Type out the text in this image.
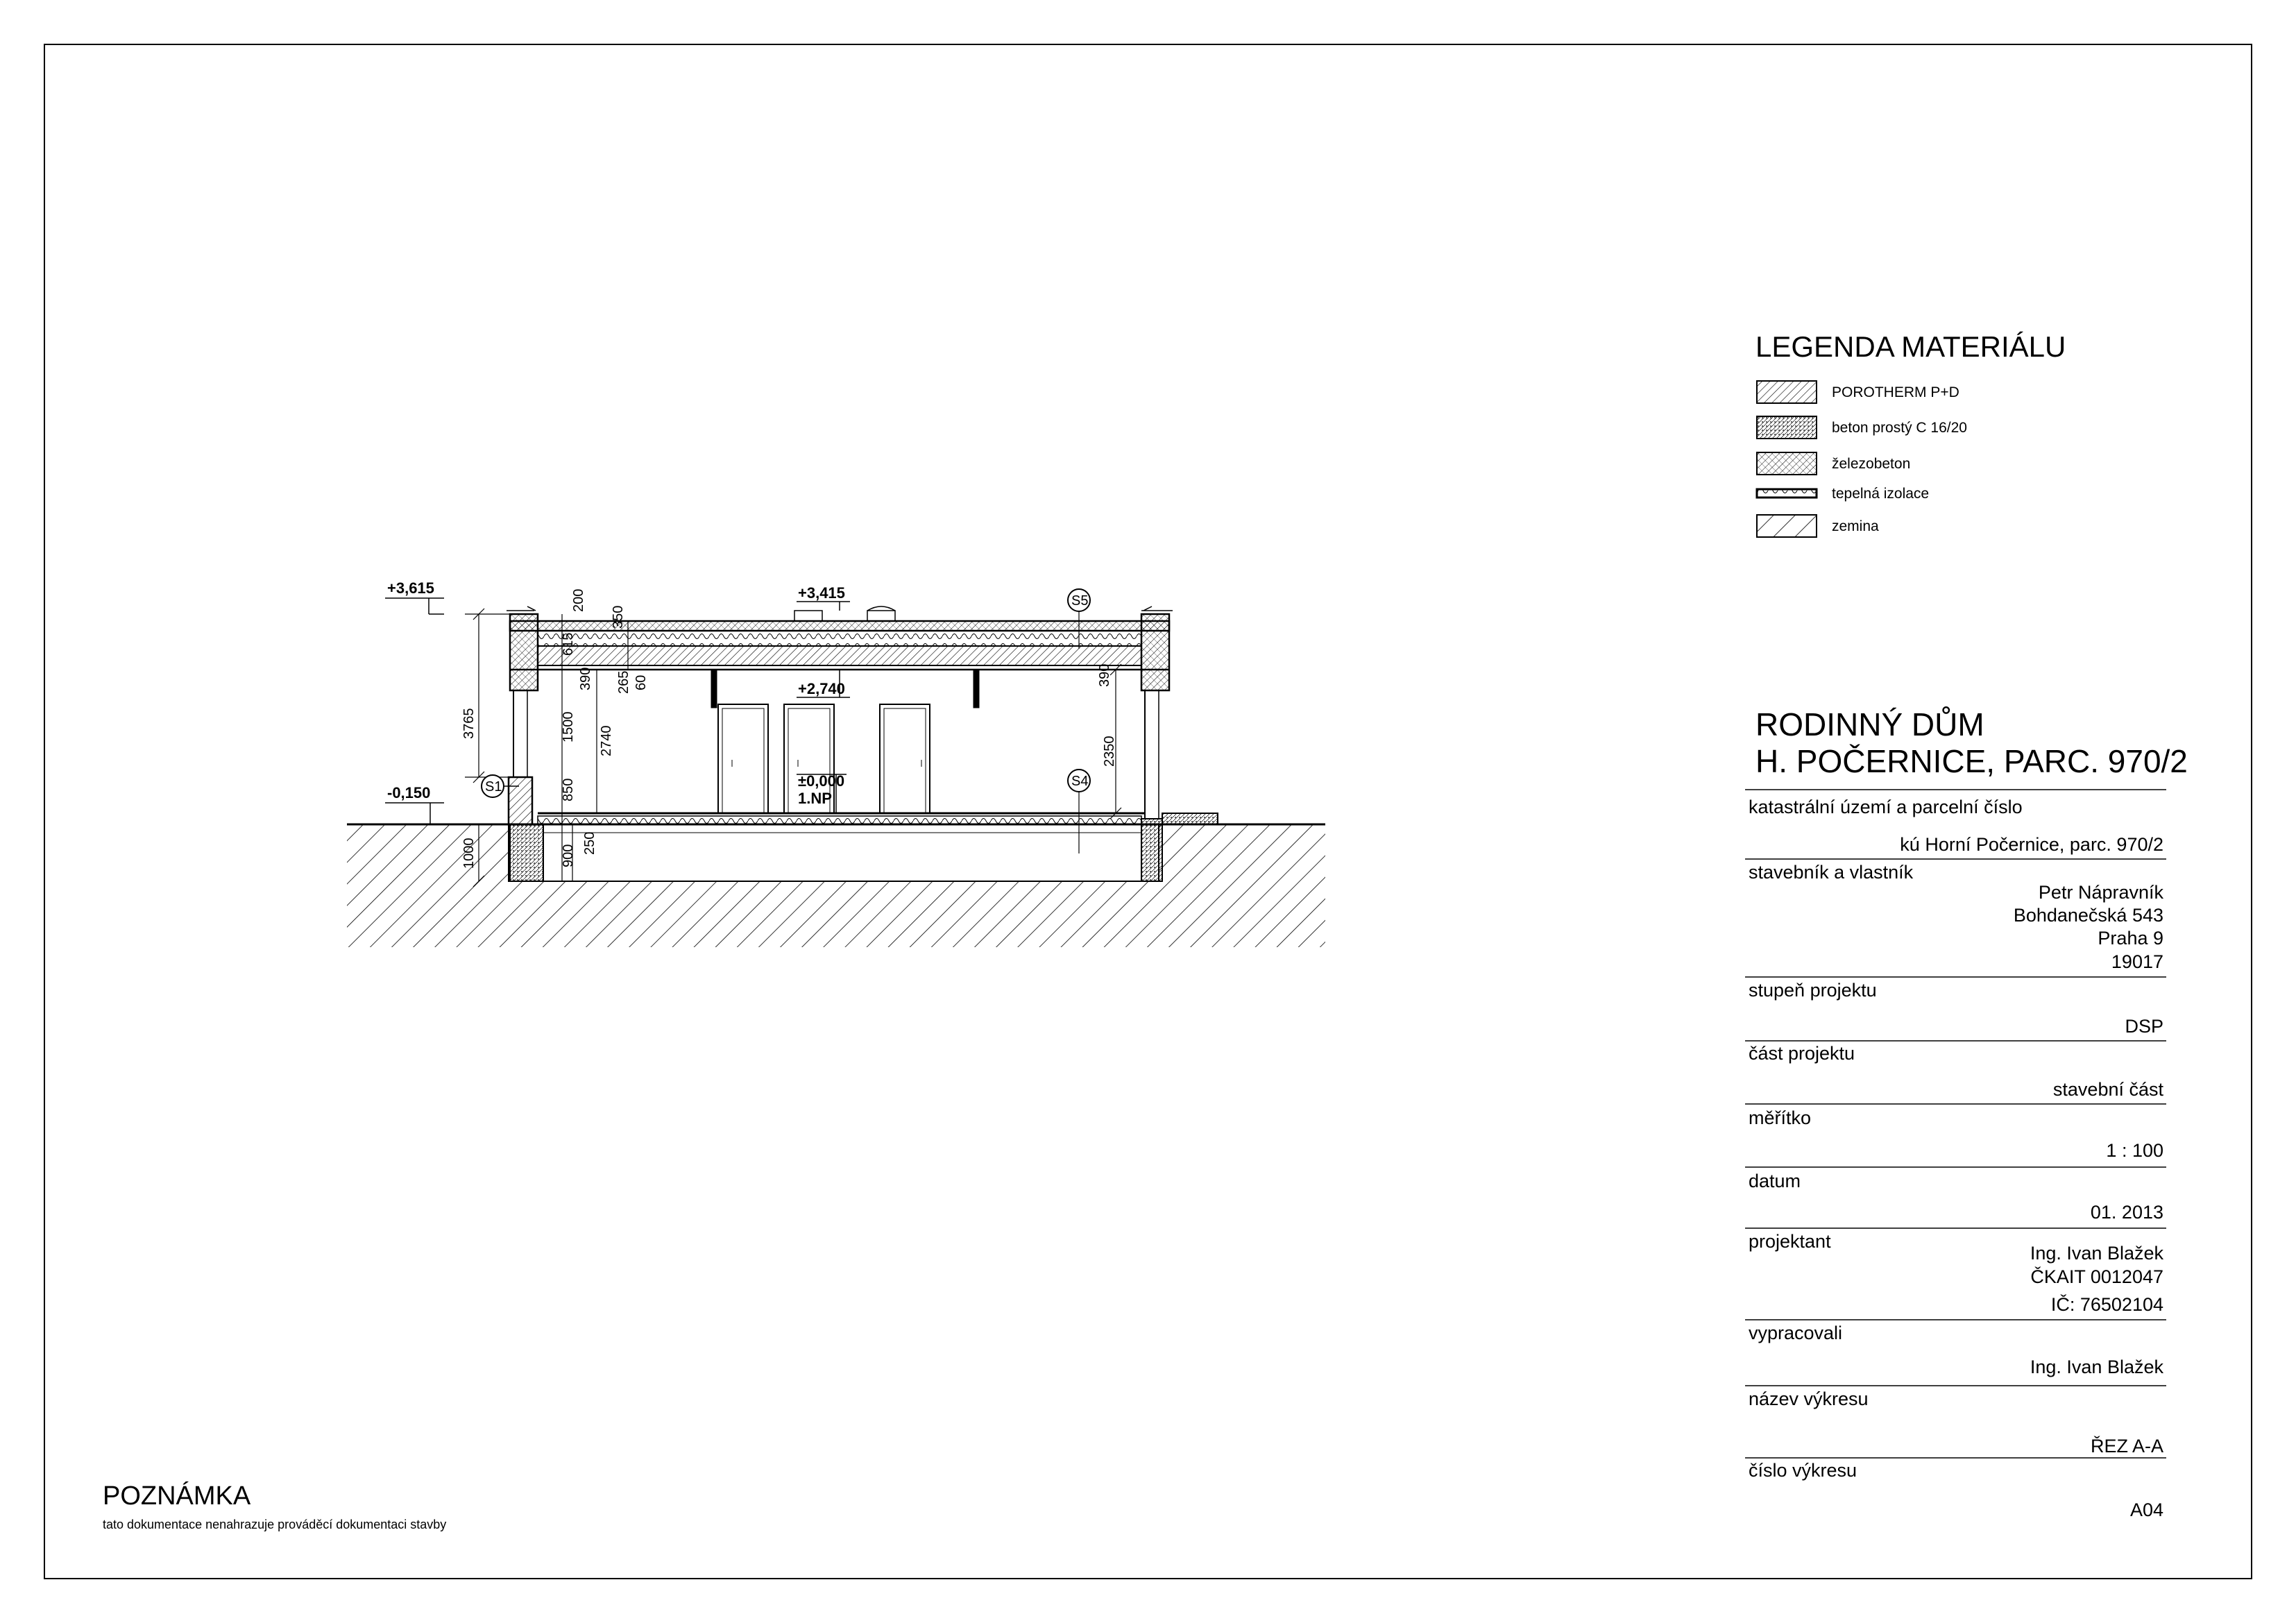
LEGENDA MATERIÁLU
POROTHERM P+D
beton prostý C 16/20
železobeton
tepelná izolace
zemina
RODINNÝ DŮM
H. POČERNICE, PARC. 970/2
katastrální území a parcelní číslo
kú Horní Počernice, parc. 970/2
stavebník a vlastník
Petr Nápravník
Bohdanečská 543
Praha 9
19017
stupeň projektu
DSP
část projektu
stavební část
měřítko
1 : 100
datum
01. 2013
projektant
Ing. Ivan Blažek
ČKAIT 0012047
IČ: 76502104
vypracovali
Ing. Ivan Blažek
název výkresu
ŘEZ A-A
číslo výkresu
A04
POZNÁMKA
tato dokumentace nenahrazuje prováděcí dokumentaci stavby
+3,615	+3,415
+2,740
±0,000
1.NP
-0,150
200
350
615
390 265 60
3765	1500 2740
850
250
900
1000
2350
390
S1	S4
S5
